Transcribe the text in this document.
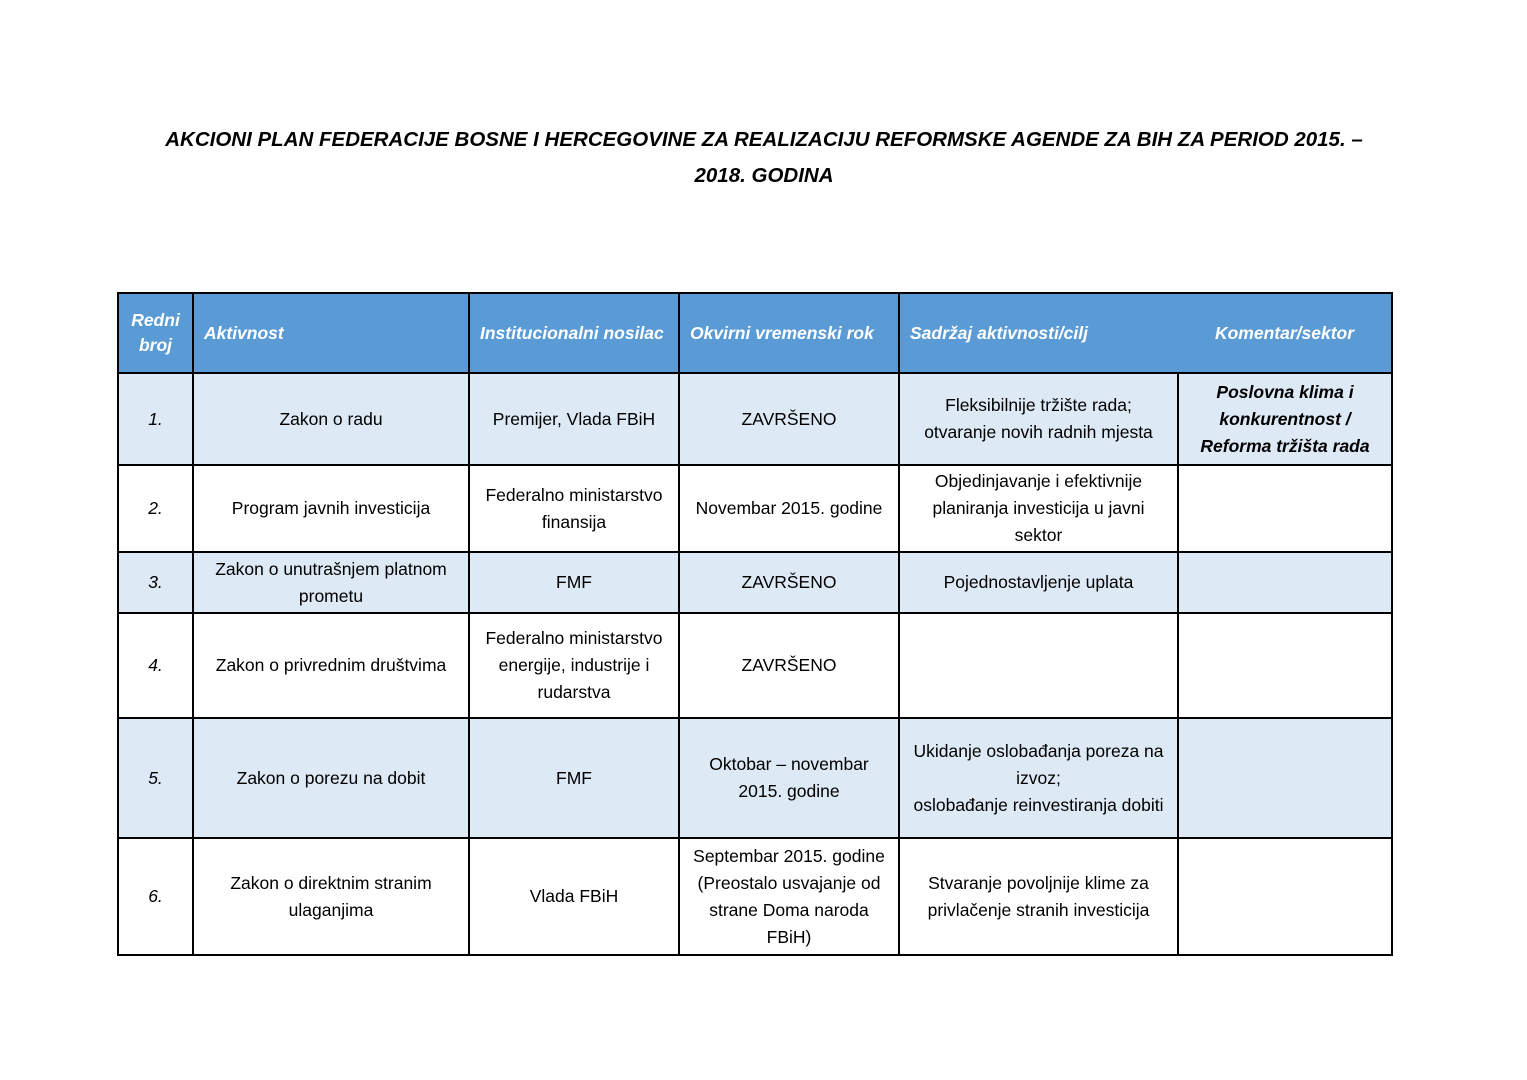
AKCIONI PLAN FEDERACIJE BOSNE I HERCEGOVINE ZA REALIZACIJU REFORMSKE AGENDE ZA BIH ZA PERIOD 2015. –
2018. GODINA
Redni broj	Aktivnost	Institucionalni nosilac	Okvirni vremenski rok	Sadržaj aktivnosti/cilj	Komentar/sektor
1.	Zakon o radu	Premijer, Vlada FBiH	ZAVRŠENO	Fleksibilnije tržište rada; otvaranje novih radnih mjesta	Poslovna klima i konkurentnost / Reforma tržišta rada
2.	Program javnih investicija	Federalno ministarstvo finansija	Novembar 2015. godine	Objedinjavanje i efektivnije planiranja investicija u javni sektor	
3.	Zakon o unutrašnjem platnom prometu	FMF	ZAVRŠENO	Pojednostavljenje uplata	
4.	Zakon o privrednim društvima	Federalno ministarstvo energije, industrije i rudarstva	ZAVRŠENO		
5.	Zakon o porezu na dobit	FMF	Oktobar – novembar 2015. godine	Ukidanje oslobađanja poreza na izvoz;
oslobađanje reinvestiranja dobiti	
6.	Zakon o direktnim stranim ulaganjima	Vlada FBiH	Septembar 2015. godine (Preostalo usvajanje od strane Doma naroda FBiH)	Stvaranje povoljnije klime za privlačenje stranih investicija	
